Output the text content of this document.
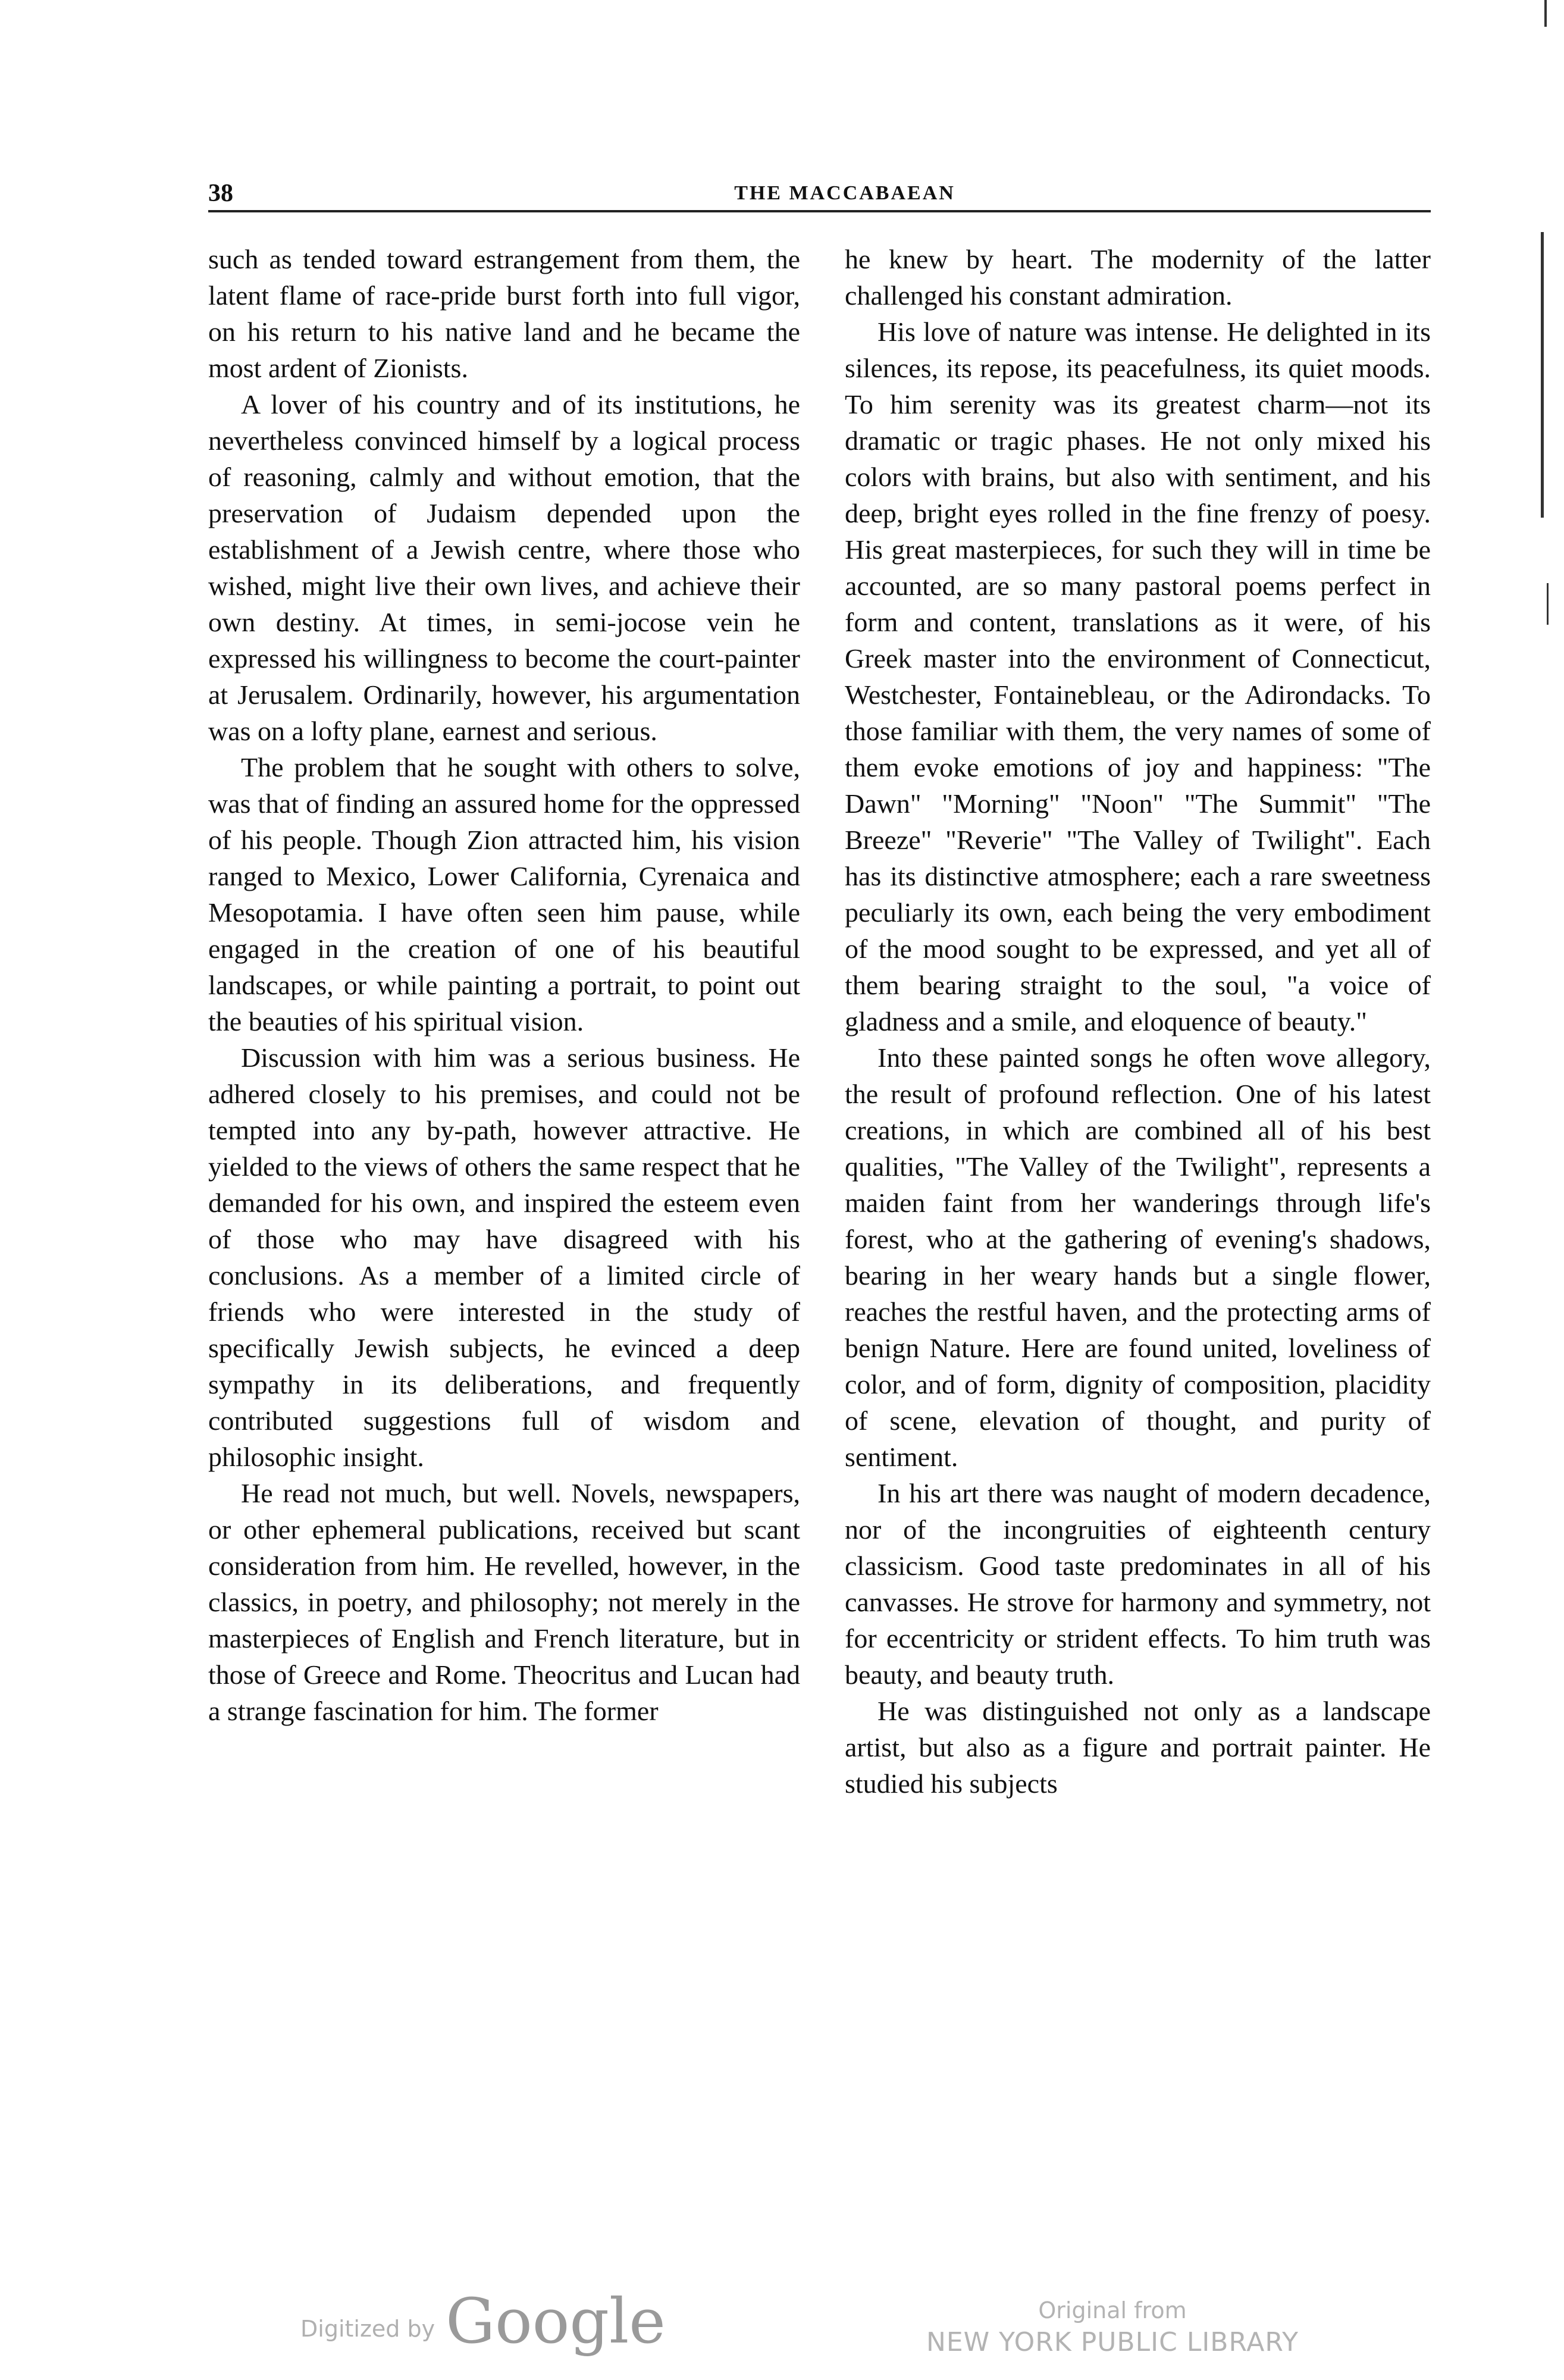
38	THE MACCABAEAN

such as tended toward estrangement from them, the latent flame of race-pride burst forth into full vigor, on his return to his native land and he became the most ardent of Zionists.

A lover of his country and of its institutions, he nevertheless convinced himself by a logical process of reasoning, calmly and without emotion, that the preservation of Judaism depended upon the establishment of a Jewish centre, where those who wished, might live their own lives, and achieve their own destiny. At times, in semi-jocose vein he expressed his willingness to become the court-painter at Jerusalem. Ordinarily, however, his argumentation was on a lofty plane, earnest and serious.

The problem that he sought with others to solve, was that of finding an assured home for the oppressed of his people. Though Zion attracted him, his vision ranged to Mexico, Lower California, Cyrenaica and Mesopotamia. I have often seen him pause, while engaged in the creation of one of his beautiful landscapes, or while painting a portrait, to point out the beauties of his spiritual vision.

Discussion with him was a serious business. He adhered closely to his premises, and could not be tempted into any by-path, however attractive. He yielded to the views of others the same respect that he demanded for his own, and inspired the esteem even of those who may have disagreed with his conclusions. As a member of a limited circle of friends who were interested in the study of specifically Jewish subjects, he evinced a deep sympathy in its deliberations, and frequently contributed suggestions full of wisdom and philosophic insight.

He read not much, but well. Novels, newspapers, or other ephemeral publications, received but scant consideration from him. He revelled, however, in the classics, in poetry, and philosophy; not merely in the masterpieces of English and French literature, but in those of Greece and Rome. Theocritus and Lucan had a strange fascination for him. The former

he knew by heart. The modernity of the latter challenged his constant admiration.

His love of nature was intense. He delighted in its silences, its repose, its peacefulness, its quiet moods. To him serenity was its greatest charm—not its dramatic or tragic phases. He not only mixed his colors with brains, but also with sentiment, and his deep, bright eyes rolled in the fine frenzy of poesy. His great masterpieces, for such they will in time be accounted, are so many pastoral poems perfect in form and content, translations as it were, of his Greek master into the environment of Connecticut, Westchester, Fontainebleau, or the Adirondacks. To those familiar with them, the very names of some of them evoke emotions of joy and happiness: "The Dawn" "Morning" "Noon" "The Summit" "The Breeze" "Reverie" "The Valley of Twilight". Each has its distinctive atmosphere; each a rare sweetness peculiarly its own, each being the very embodiment of the mood sought to be expressed, and yet all of them bearing straight to the soul, "a voice of gladness and a smile, and eloquence of beauty."

Into these painted songs he often wove allegory, the result of profound reflection. One of his latest creations, in which are combined all of his best qualities, "The Valley of the Twilight", represents a maiden faint from her wanderings through life's forest, who at the gathering of evening's shadows, bearing in her weary hands but a single flower, reaches the restful haven, and the protecting arms of benign Nature. Here are found united, loveliness of color, and of form, dignity of composition, placidity of scene, elevation of thought, and purity of sentiment.

In his art there was naught of modern decadence, nor of the incongruities of eighteenth century classicism. Good taste predominates in all of his canvasses. He strove for harmony and symmetry, not for eccentricity or strident effects. To him truth was beauty, and beauty truth.

He was distinguished not only as a landscape artist, but also as a figure and portrait painter. He studied his subjects

Digitized by Google	Original from
NEW YORK PUBLIC LIBRARY
